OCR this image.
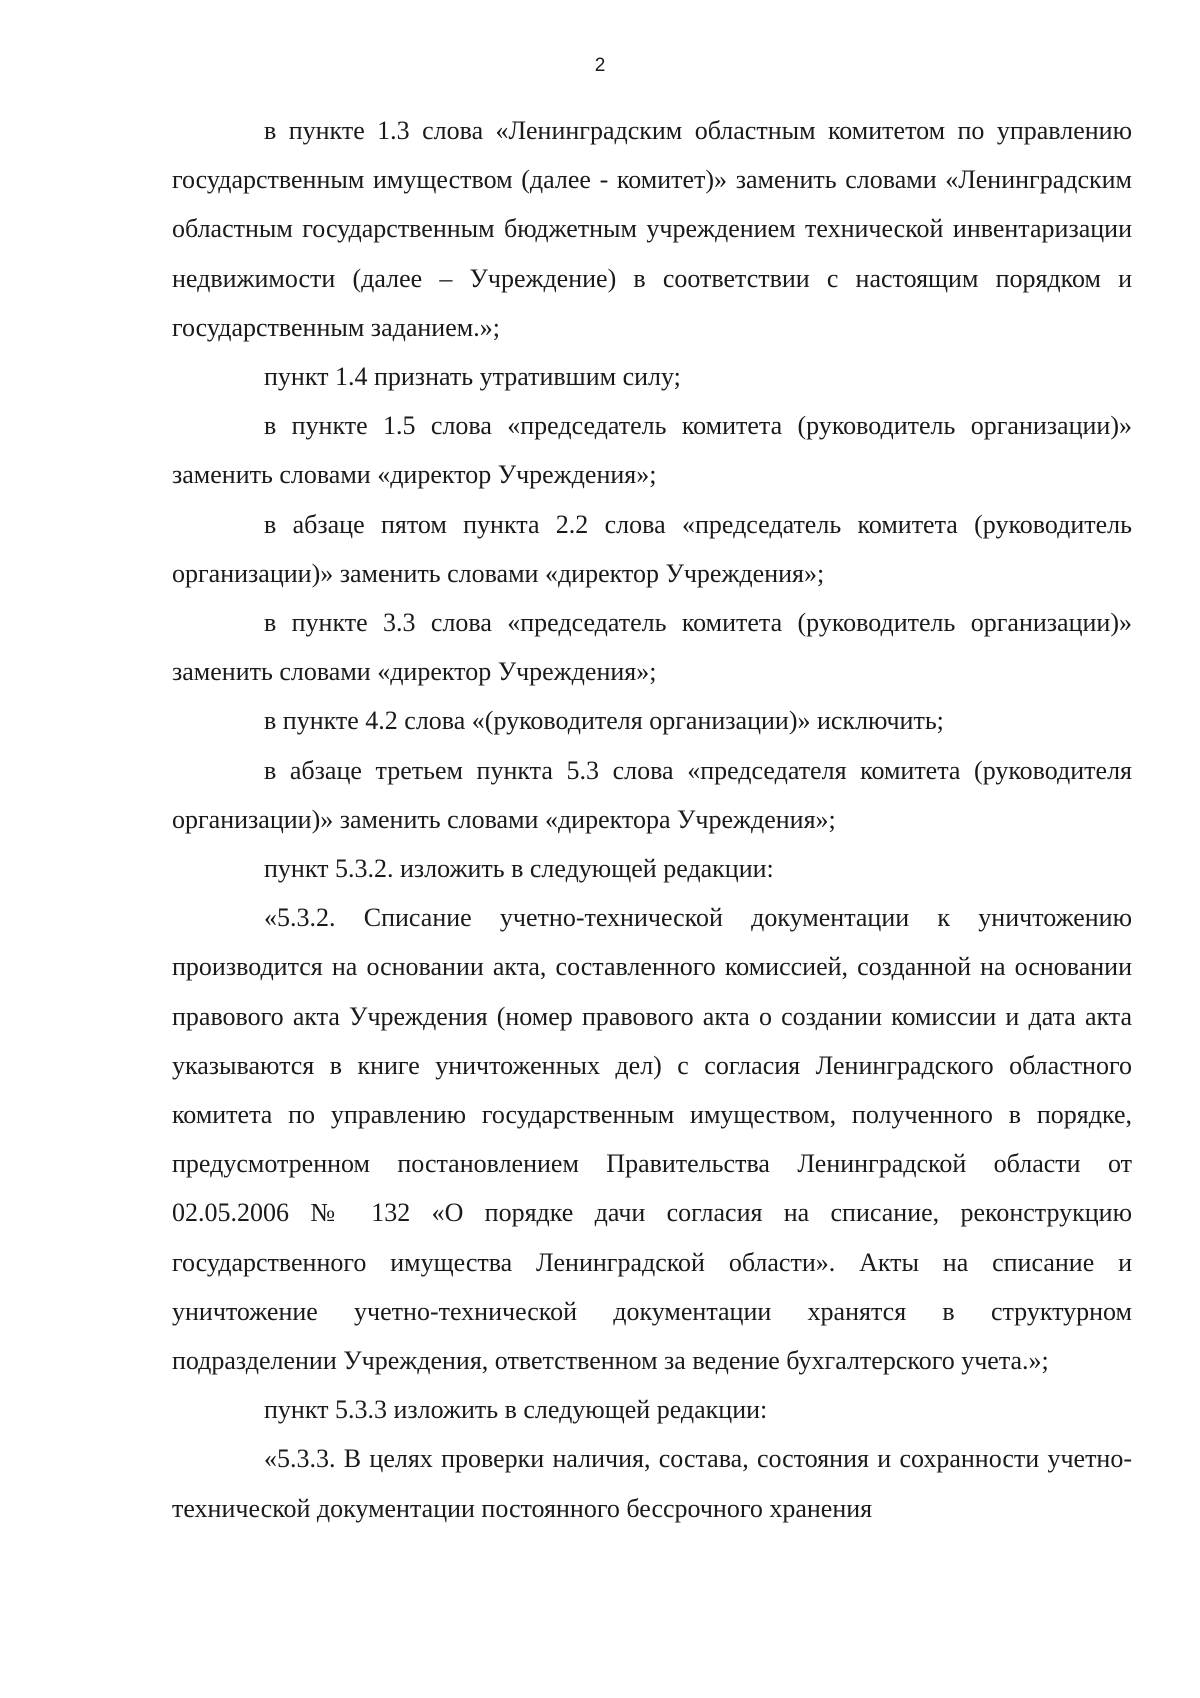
2

в пункте 1.3 слова «Ленинградским областным комитетом по управлению государственным имуществом (далее - комитет)» заменить словами «Ленинградским областным государственным бюджетным учреждением технической инвентаризации недвижимости (далее – Учреждение) в соответствии с настоящим порядком и государственным заданием.»;

пункт 1.4 признать утратившим силу;

в пункте 1.5 слова «председатель комитета (руководитель организации)» заменить словами «директор Учреждения»;

в абзаце пятом пункта 2.2 слова «председатель комитета (руководитель организации)» заменить словами «директор Учреждения»;

в пункте 3.3 слова «председатель комитета (руководитель организации)» заменить словами «директор Учреждения»;

в пункте 4.2 слова «(руководителя организации)» исключить;

в абзаце третьем пункта 5.3 слова «председателя комитета (руководителя организации)» заменить словами «директора Учреждения»;

пункт 5.3.2. изложить в следующей редакции:

«5.3.2. Списание учетно-технической документации к уничтожению производится на основании акта, составленного комиссией, созданной на основании правового акта Учреждения (номер правового акта о создании комиссии и дата акта указываются в книге уничтоженных дел) с согласия Ленинградского областного комитета по управлению государственным имуществом, полученного в порядке, предусмотренном постановлением Правительства Ленинградской области от 02.05.2006 № 132 «О порядке дачи согласия на списание, реконструкцию государственного имущества Ленинградской области». Акты на списание и уничтожение учетно-технической документации хранятся в структурном подразделении Учреждения, ответственном за ведение бухгалтерского учета.»;

пункт 5.3.3 изложить в следующей редакции:

«5.3.3. В целях проверки наличия, состава, состояния и сохранности учетно-технической документации постоянного бессрочного хранения
